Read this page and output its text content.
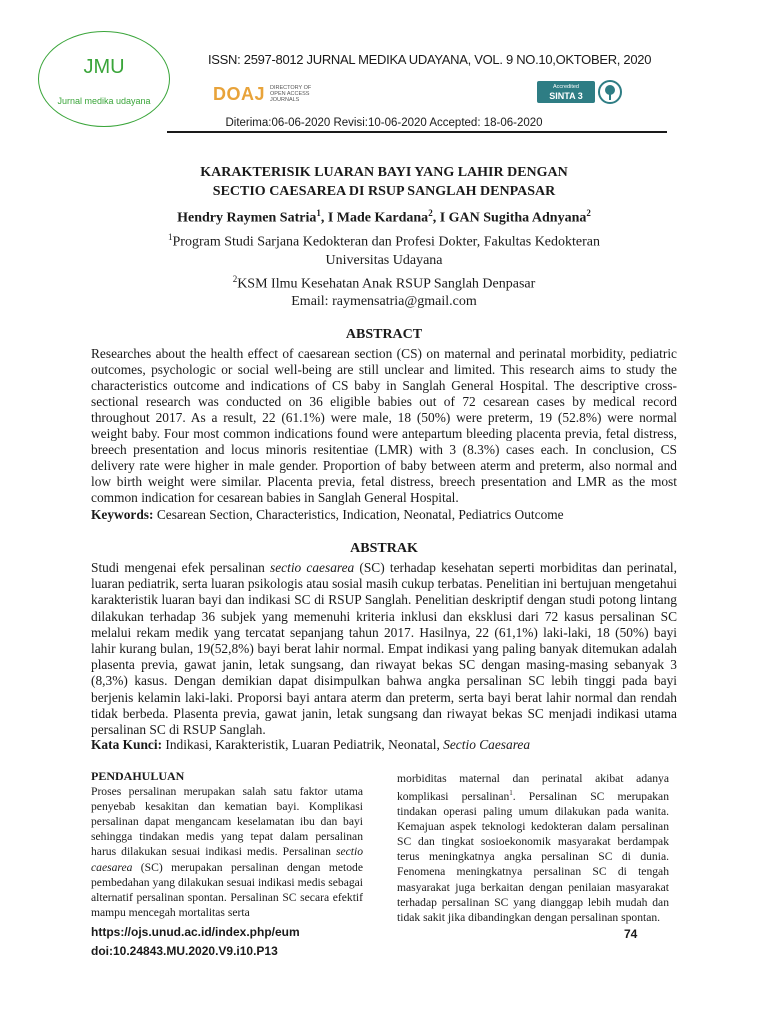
JMU
Jurnal medika udayana
ISSN: 2597-8012 JURNAL MEDIKA UDAYANA, VOL. 9 NO.10,OKTOBER, 2020
DOAJ DIRECTORY OF OPEN ACCESS JOURNALS
Accredited
SINTA 3
Diterima:06-06-2020 Revisi:10-06-2020 Accepted: 18-06-2020
KARAKTERISIK LUARAN BAYI YANG LAHIR DENGAN
SECTIO CAESAREA DI RSUP SANGLAH DENPASAR
Hendry Raymen Satria$^1$, I Made Kardana$^2$, I GAN Sugitha Adnyana$^2$
$^1$Program Studi Sarjana Kedokteran dan Profesi Dokter, Fakultas Kedokteran
Universitas Udayana
$^2$KSM Ilmu Kesehatan Anak RSUP Sanglah Denpasar
Email: raymensatria@gmail.com
ABSTRACT
Researches about the health effect of caesarean section (CS) on maternal and perinatal morbidity, pediatric outcomes, psychologic or social well-being are still unclear and limited. This research aims to study the characteristics outcome and indications of CS baby in Sanglah General Hospital. The descriptive cross-sectional research was conducted on 36 eligible babies out of 72 cesarean cases by medical record throughout 2017. As a result, 22 (61.1%) were male, 18 (50%) were preterm, 19 (52.8%) were normal weight baby. Four most common indications found were antepartum bleeding placenta previa, fetal distress, breech presentation and locus minoris resitentiae (LMR) with 3 (8.3%) cases each. In conclusion, CS delivery rate were higher in male gender. Proportion of baby between aterm and preterm, also normal and low birth weight were similar. Placenta previa, fetal distress, breech presentation and LMR as the most common indication for cesarean babies in Sanglah General Hospital.
Keywords: Cesarean Section, Characteristics, Indication, Neonatal, Pediatrics Outcome
ABSTRAK
Studi mengenai efek persalinan sectio caesarea (SC) terhadap kesehatan seperti morbiditas dan perinatal, luaran pediatrik, serta luaran psikologis atau sosial masih cukup terbatas. Penelitian ini bertujuan mengetahui karakteristik luaran bayi dan indikasi SC di RSUP Sanglah. Penelitian deskriptif dengan studi potong lintang dilakukan terhadap 36 subjek yang memenuhi kriteria inklusi dan eksklusi dari 72 kasus persalinan SC melalui rekam medik yang tercatat sepanjang tahun 2017. Hasilnya, 22 (61,1%) laki-laki, 18 (50%) bayi lahir kurang bulan, 19(52,8%) bayi berat lahir normal. Empat indikasi yang paling banyak ditemukan adalah plasenta previa, gawat janin, letak sungsang, dan riwayat bekas SC dengan masing-masing sebanyak 3 (8,3%) kasus. Dengan demikian dapat disimpulkan bahwa angka persalinan SC lebih tinggi pada bayi berjenis kelamin laki-laki. Proporsi bayi antara aterm dan preterm, serta bayi berat lahir normal dan rendah tidak berbeda. Plasenta previa, gawat janin, letak sungsang dan riwayat bekas SC menjadi indikasi utama persalinan SC di RSUP Sanglah.
Kata Kunci: Indikasi, Karakteristik, Luaran Pediatrik, Neonatal, Sectio Caesarea
PENDAHULUAN
Proses persalinan merupakan salah satu faktor utama penyebab kesakitan dan kematian bayi. Komplikasi persalinan dapat mengancam keselamatan ibu dan bayi sehingga tindakan medis yang tepat dalam persalinan harus dilakukan sesuai indikasi medis. Persalinan sectio caesarea (SC) merupakan persalinan dengan metode pembedahan yang dilakukan sesuai indikasi medis sebagai alternatif persalinan spontan. Persalinan SC secara efektif mampu mencegah mortalitas serta
morbiditas maternal dan perinatal akibat adanya komplikasi persalinan$^1$. Persalinan SC merupakan tindakan operasi paling umum dilakukan pada wanita. Kemajuan aspek teknologi kedokteran dalam persalinan SC dan tingkat sosioekonomik masyarakat berdampak terus meningkatnya angka persalinan SC di dunia. Fenomena meningkatnya persalinan SC di tengah masyarakat juga berkaitan dengan penilaian masyarakat terhadap persalinan SC yang dianggap lebih mudah dan tidak sakit jika dibandingkan dengan persalinan spontan.
https://ojs.unud.ac.id/index.php/eum
doi:10.24843.MU.2020.V9.i10.P13
74
